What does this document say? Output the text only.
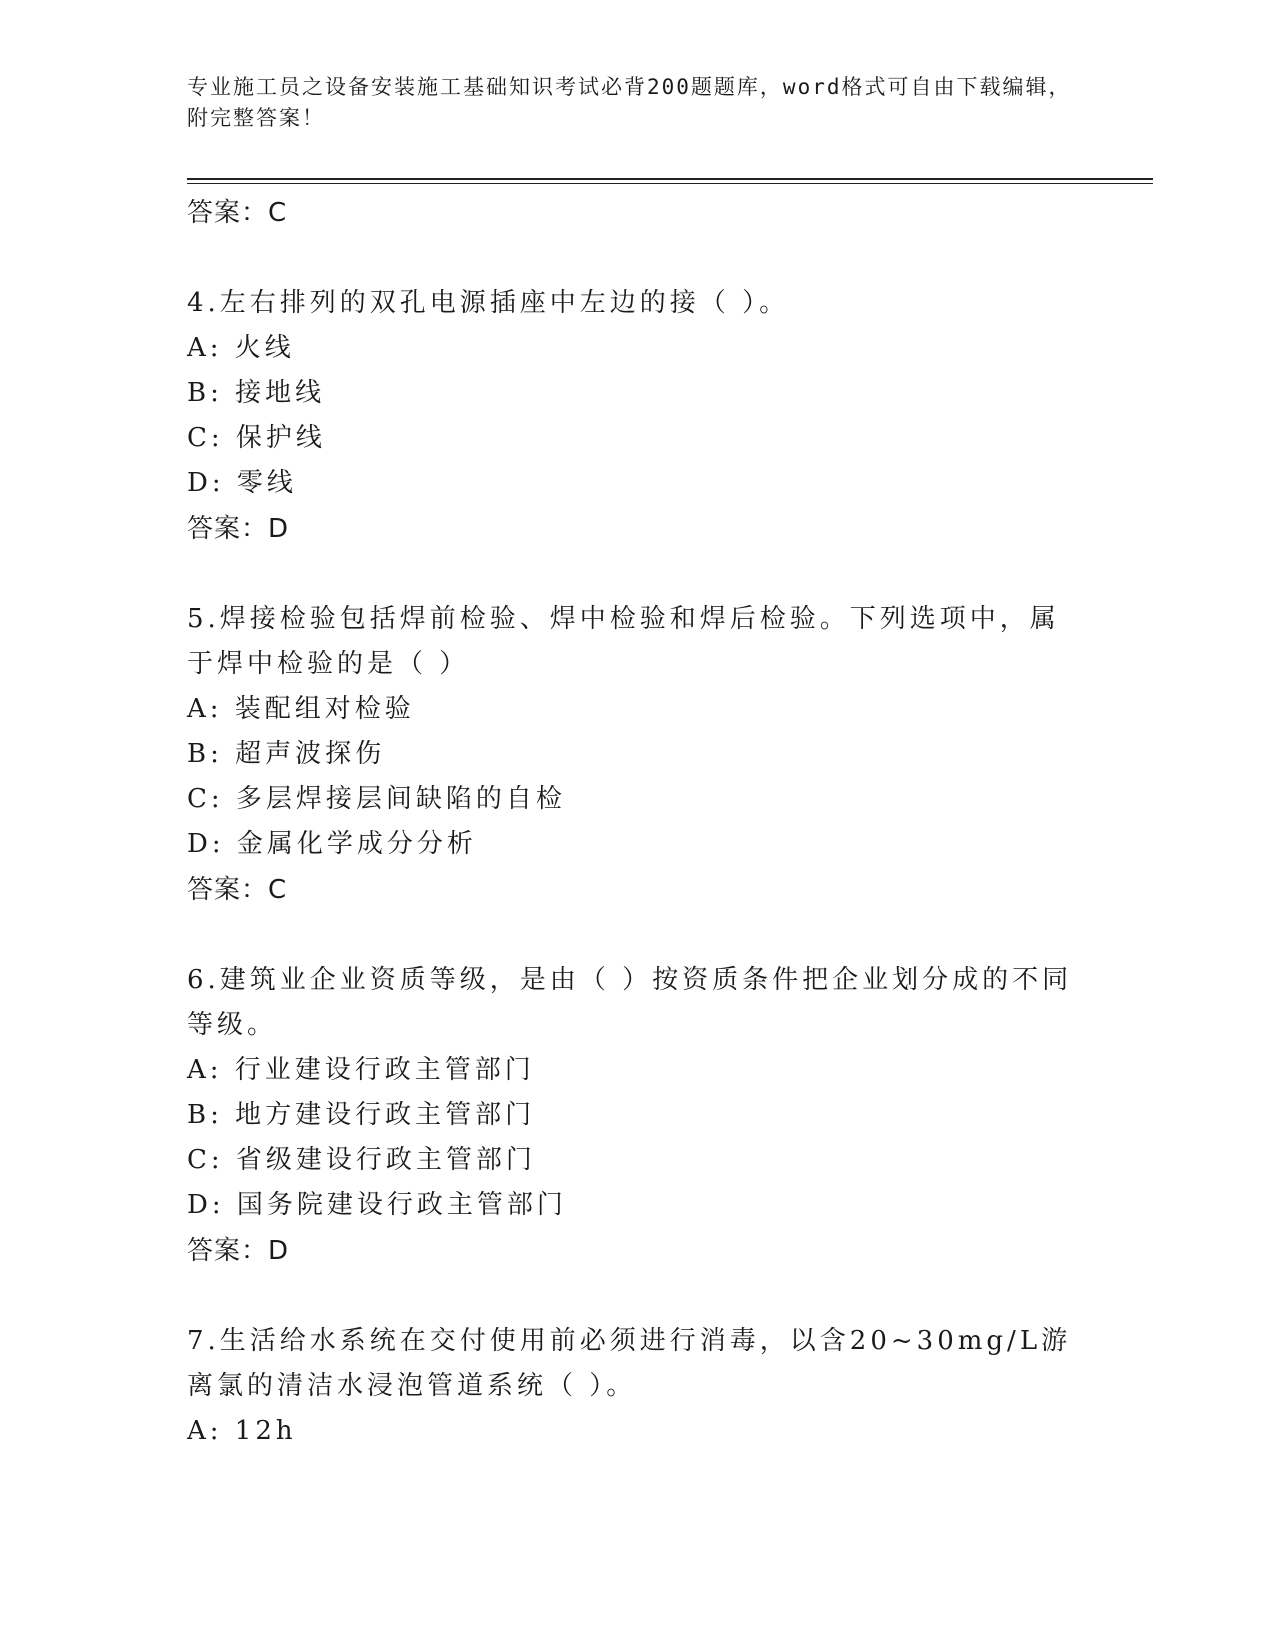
专业施工员之设备安装施工基础知识考试必背200题题库，word格式可自由下载编辑，附完整答案！
答案：C
4.左右排列的双孔电源插座中左边的接（ ）。
A: 火线
B: 接地线
C: 保护线
D: 零线
答案：D
5.焊接检验包括焊前检验、焊中检验和焊后检验。下列选项中，属于焊中检验的是（ ）
A: 装配组对检验
B: 超声波探伤
C: 多层焊接层间缺陷的自检
D: 金属化学成分分析
答案：C
6.建筑业企业资质等级，是由（ ）按资质条件把企业划分成的不同等级。
A: 行业建设行政主管部门
B: 地方建设行政主管部门
C: 省级建设行政主管部门
D: 国务院建设行政主管部门
答案：D
7.生活给水系统在交付使用前必须进行消毒，以含20~30mg/L游离氯的清洁水浸泡管道系统（ ）。
A: 12h
